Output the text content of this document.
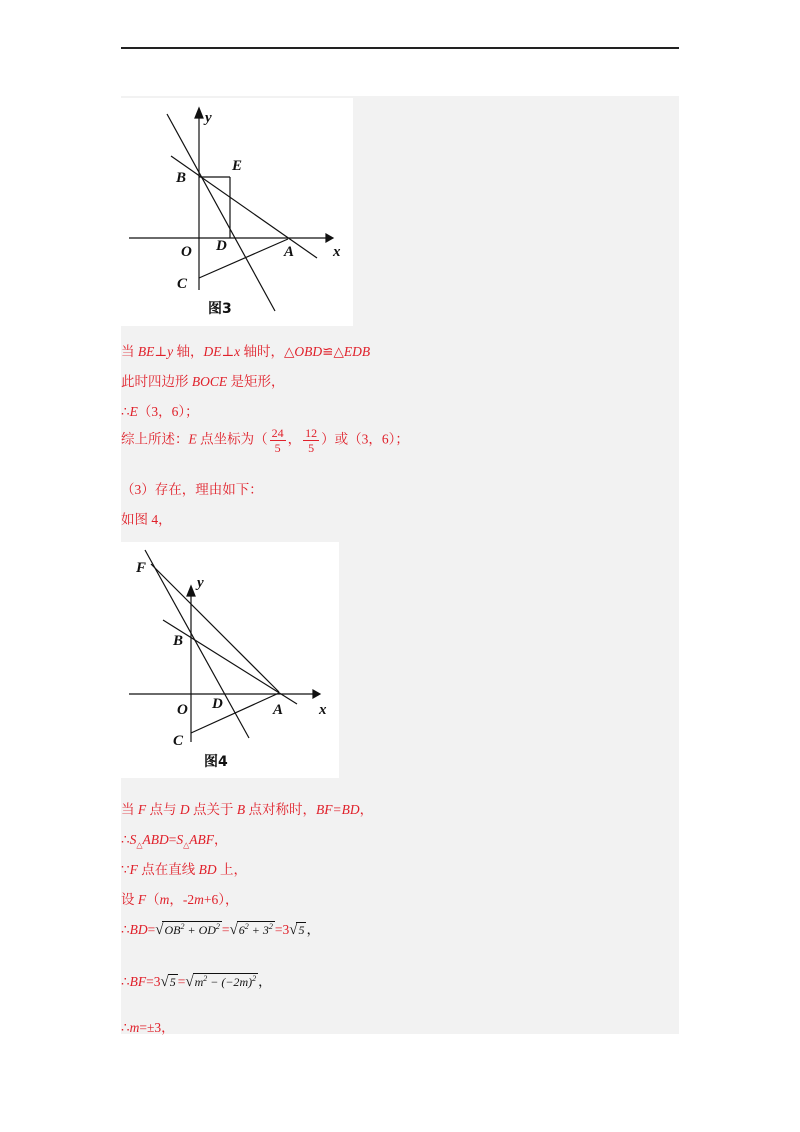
y
x
B
E
O D	A
C
图3
当 BE⊥y 轴，DE⊥x 轴时，△OBD≌△EDB
此时四边形 BOCE 是矩形，
∴E（3，6）；
综上所述：E 点坐标为（ $\frac{24}{5}$ ， $\frac{12}{5}$ ）或（3，6）；
（3）存在，理由如下：
如图 4，
F
y
B
O D	A x
C
图4
当 F 点与 D 点关于 B 点对称时，BF=BD，
$\therefore S_\triangle ABD=S_\triangle ABF$，
∵F 点在直线 BD 上，
设 F（m，-2m+6），
$\therefore BD=√OB^2 + OD^2 =√6^2 + 3^2 =3√5$ ，
∴BF=3√5 $=√m^2 - (-2m)^2$ ，
∴m=±3，
